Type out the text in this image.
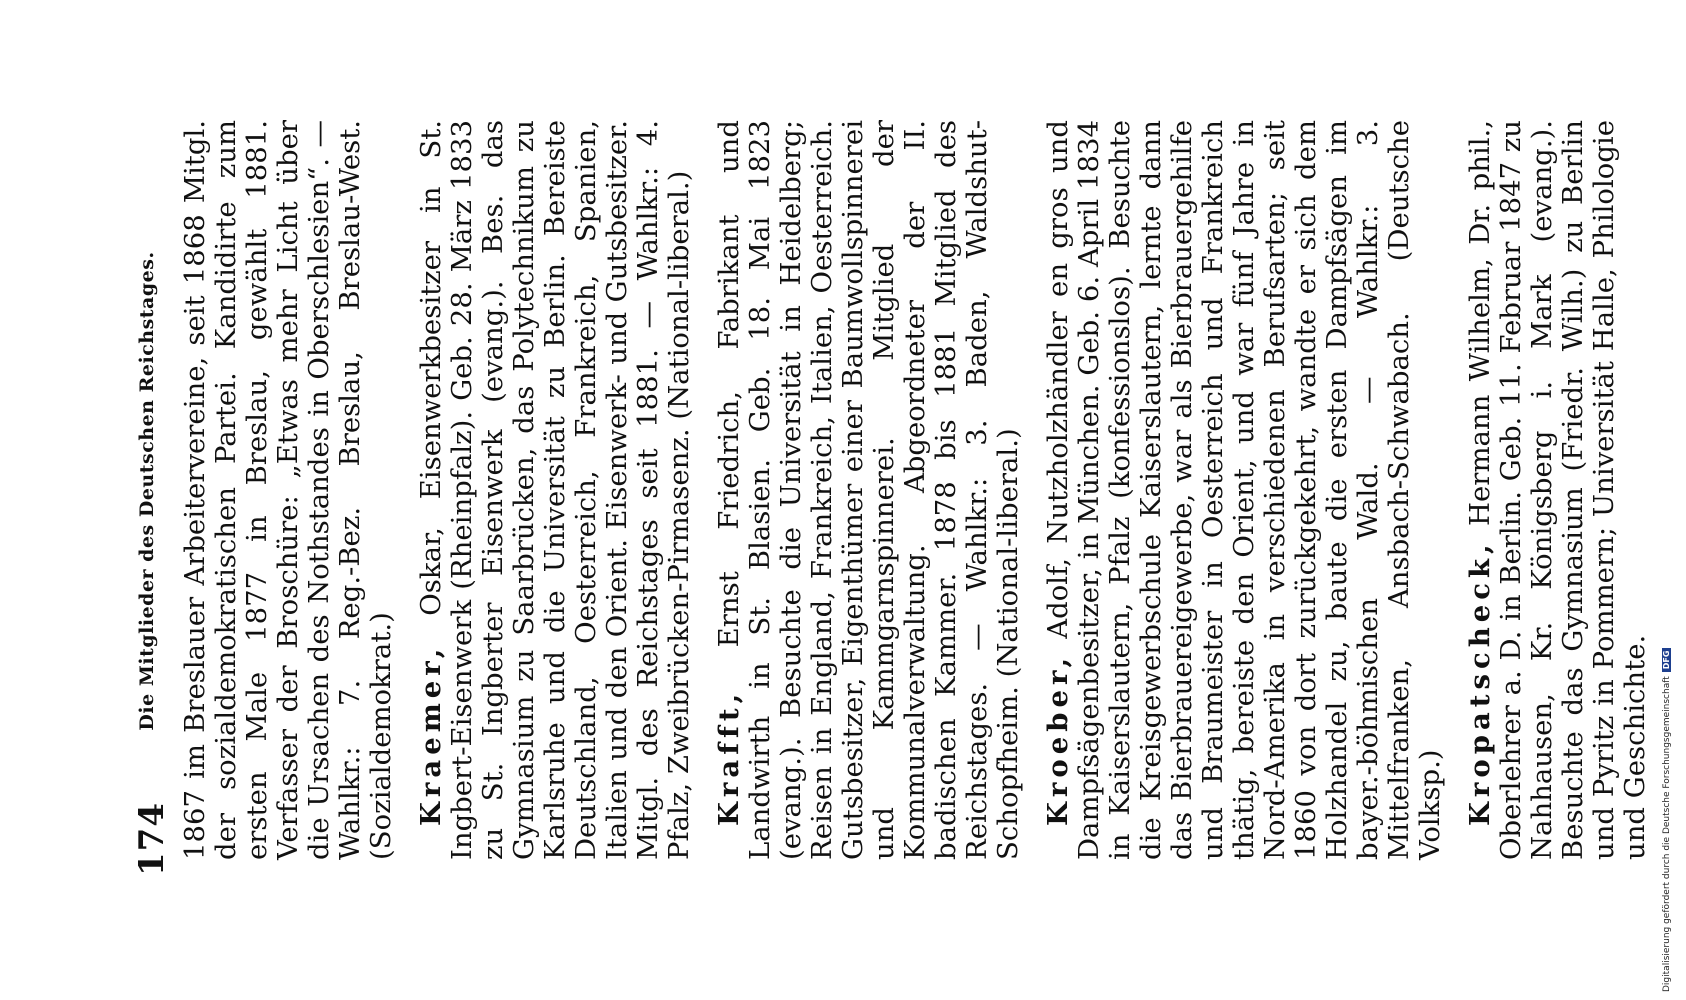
174
Die Mitglieder des Deutschen Reichstages. 1867 im Breslauer Arbeitervereine, seit 1868 Mitgl. der sozialdemokratischen Partei. Kandidirte zum ersten Male 1877 in Breslau, gewählt 1881. Verfasser der Broschüre: „Etwas mehr Licht über die Ursachen des Nothstandes in Oberschlesien“. — Wahlkr.: 7. Reg.-Bez. Breslau, Breslau-West. (Sozialdemokrat.) Kraemer, Oskar, Eisenwerkbesitzer in St. Ingbert-Eisenwerk (Rheinpfalz). Geb. 28. März 1833 zu St. Ingberter Eisenwerk (evang.). Bes. das Gymnasium zu Saarbrücken, das Polytechnikum zu Karlsruhe und die Universität zu Berlin. Bereiste Deutschland, Oesterreich, Frankreich, Spanien, Italien und den Orient. Eisenwerk- und Gutsbesitzer. Mitgl. des Reichstages seit 1881. — Wahlkr.: 4. Pfalz, Zweibrücken-Pirmasenz. (National-liberal.) Krafft, Ernst Friedrich, Fabrikant und Landwirth in St. Blasien. Geb. 18. Mai 1823 (evang.). Besuchte die Universität in Heidelberg; Reisen in England, Frankreich, Italien, Oesterreich. Gutsbesitzer, Eigenthümer einer Baumwollspinnerei und Kammgarnspinnerei. Mitglied der Kommunalverwaltung. Abgeordneter der II. badischen Kammer. 1878 bis 1881 Mitglied des Reichstages. — Wahlkr.: 3. Baden, Waldshut-Schopfheim. (National-liberal.) Kroeber, Adolf, Nutzholzhändler en gros und Dampfsägenbesitzer, in München. Geb. 6. April 1834 in Kaiserslautern, Pfalz (konfessionslos). Besuchte die Kreisgewerbschule Kaiserslautern, lernte dann das Bierbrauereigewerbe, war als Bierbrauergehilfe und Braumeister in Oesterreich und Frankreich thätig, bereiste den Orient, und war fünf Jahre in Nord-Amerika in verschiedenen Berufsarten; seit 1860 von dort zurückgekehrt, wandte er sich dem Holzhandel zu, baute die ersten Dampfsägen im bayer.-böhmischen Wald. — Wahlkr.: 3. Mittelfranken, Ansbach-Schwabach. (Deutsche Volksp.) Kropatscheck, Hermann Wilhelm, Dr. phil., Oberlehrer a. D. in Berlin. Geb. 11. Februar 1847 zu Nahhausen, Kr. Königsberg i. Mark (evang.). Besuchte das Gymnasium (Friedr. Wilh.) zu Berlin und Pyritz in Pommern; Universität Halle, Philologie und Geschichte. Digitalisierung gefördert durch die Deutsche ForschungsgemeinschaftDFG
